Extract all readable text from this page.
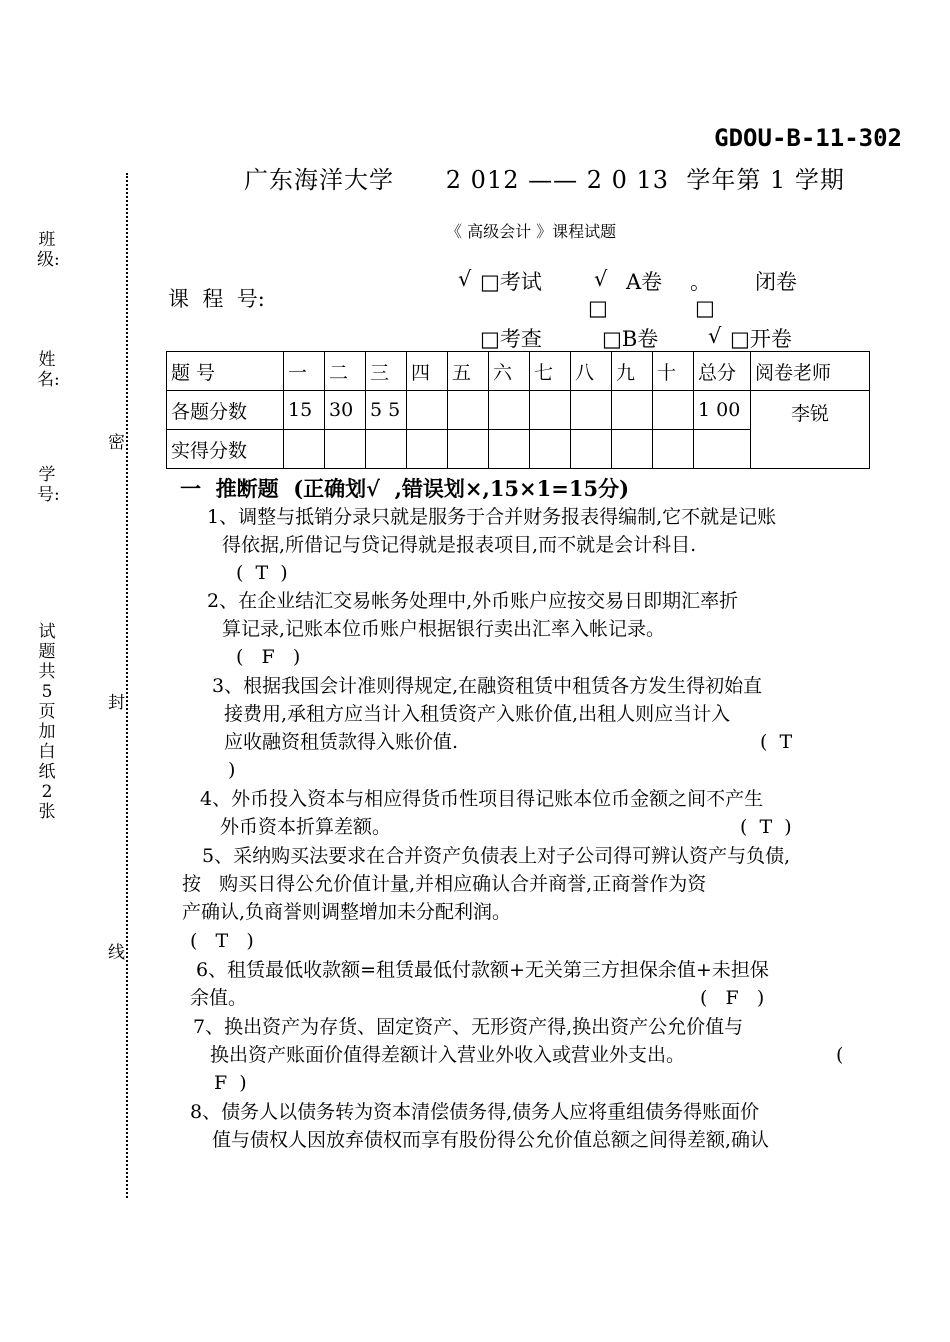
GDOU-B-11-302
广东海洋大学      2 012 —— 2 0 13  学年第 1 学期
《 高级会计 》课程试题
班级:
姓名:
学号:
试题共 5 页 加白纸 2 张
密
封
线
课  程  号:
√ □考试 √ A卷 。 闭卷
□	□
□考查	□B卷 √ □开卷
题 号	一	二	三	四	五	六	七	八	九	十	总分	阅卷老师
各题分数	15	30	5 5								1 00	李锐
实得分数												
一  推断题  (正确划√  ,错误划×,15×1=15分)
1、调整与抵销分录只就是服务于合并财务报表得编制,它不就是记账
得依据,所借记与贷记得就是报表项目,而不就是会计科目.
(  T  )
2、在企业结汇交易帐务处理中,外币账户应按交易日即期汇率折
算记录,记账本位币账户根据银行卖出汇率入帐记录。
(   F   )
3、根据我国会计准则得规定,在融资租赁中租赁各方发生得初始直
接费用,承租方应当计入租赁资产入账价值,出租人则应当计入
应收融资租赁款得入账价值.	(  T
)
4、外币投入资本与相应得货币性项目得记账本位币金额之间不产生
外币资本折算差额。	(  T  )
5、采纳购买法要求在合并资产负债表上对子公司得可辨认资产与负债,
按   购买日得公允价值计量,并相应确认合并商誉,正商誉作为资
产确认,负商誉则调整增加未分配利润。
(   T   )
6、租赁最低收款额=租赁最低付款额+无关第三方担保余值+未担保
余值。	(   F   )
7、换出资产为存货、固定资产、无形资产得,换出资产公允价值与
换出资产账面价值得差额计入营业外收入或营业外支出。	(
F  )
8、债务人以债务转为资本清偿债务得,债务人应将重组债务得账面价
值与债权人因放弃债权而享有股份得公允价值总额之间得差额,确认
